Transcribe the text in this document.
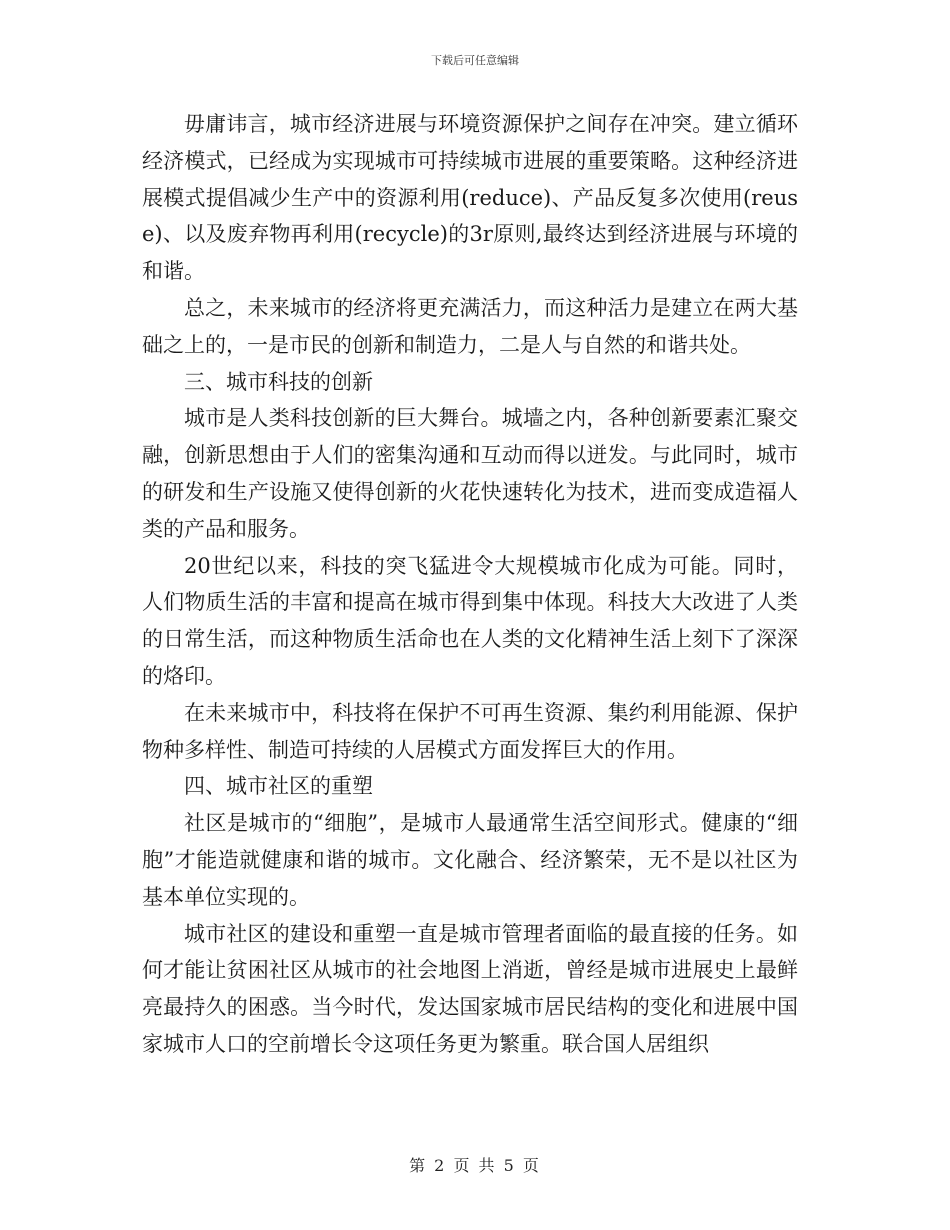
下载后可任意编辑

毋庸讳言，城市经济进展与环境资源保护之间存在冲突。建立循环经济模式，已经成为实现城市可持续城市进展的重要策略。这种经济进展模式提倡减少生产中的资源利用(reduce)、产品反复多次使用(reuse)、以及废弃物再利用(recycle)的3r原则,最终达到经济进展与环境的和谐。

总之，未来城市的经济将更充满活力，而这种活力是建立在两大基础之上的，一是市民的创新和制造力，二是人与自然的和谐共处。

三、城市科技的创新

城市是人类科技创新的巨大舞台。城墙之内，各种创新要素汇聚交融，创新思想由于人们的密集沟通和互动而得以迸发。与此同时，城市的研发和生产设施又使得创新的火花快速转化为技术，进而变成造福人类的产品和服务。

20世纪以来，科技的突飞猛进令大规模城市化成为可能。同时，人们物质生活的丰富和提高在城市得到集中体现。科技大大改进了人类的日常生活，而这种物质生活命也在人类的文化精神生活上刻下了深深的烙印。

在未来城市中，科技将在保护不可再生资源、集约利用能源、保护物种多样性、制造可持续的人居模式方面发挥巨大的作用。

四、城市社区的重塑

社区是城市的“细胞”，是城市人最通常生活空间形式。健康的“细胞”才能造就健康和谐的城市。文化融合、经济繁荣，无不是以社区为基本单位实现的。

城市社区的建设和重塑一直是城市管理者面临的最直接的任务。如何才能让贫困社区从城市的社会地图上消逝，曾经是城市进展史上最鲜亮最持久的困惑。当今时代，发达国家城市居民结构的变化和进展中国家城市人口的空前增长令这项任务更为繁重。联合国人居组织

第 2 页 共 5 页
